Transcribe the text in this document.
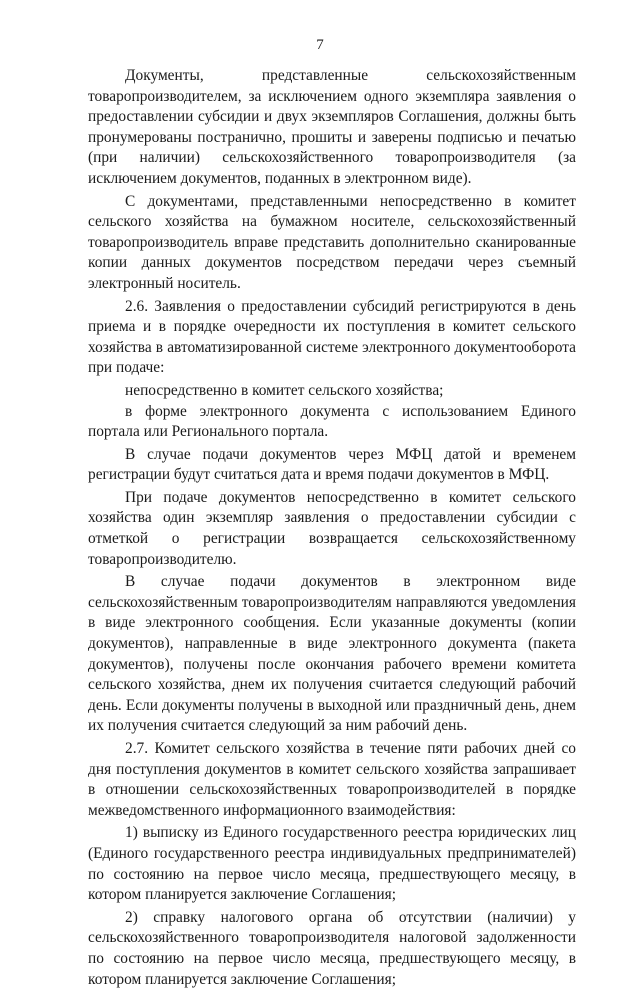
7

Документы, представленные сельскохозяйственным товаропроизводителем, за исключением одного экземпляра заявления о предоставлении субсидии и двух экземпляров Соглашения, должны быть пронумерованы постранично, прошиты и заверены подписью и печатью (при наличии) сельскохозяйственного товаропроизводителя (за исключением документов, поданных в электронном виде).

С документами, представленными непосредственно в комитет сельского хозяйства на бумажном носителе, сельскохозяйственный товаропроизводитель вправе представить дополнительно сканированные копии данных документов посредством передачи через съемный электронный носитель.

2.6. Заявления о предоставлении субсидий регистрируются в день приема и в порядке очередности их поступления в комитет сельского хозяйства в автоматизированной системе электронного документооборота при подаче:

непосредственно в комитет сельского хозяйства;

в форме электронного документа с использованием Единого портала или Регионального портала.

В случае подачи документов через МФЦ датой и временем регистрации будут считаться дата и время подачи документов в МФЦ.

При подаче документов непосредственно в комитет сельского хозяйства один экземпляр заявления о предоставлении субсидии с отметкой о регистрации возвращается сельскохозяйственному товаропроизводителю.

В случае подачи документов в электронном виде сельскохозяйственным товаропроизводителям направляются уведомления в виде электронного сообщения. Если указанные документы (копии документов), направленные в виде электронного документа (пакета документов), получены после окончания рабочего времени комитета сельского хозяйства, днем их получения считается следующий рабочий день. Если документы получены в выходной или праздничный день, днем их получения считается следующий за ним рабочий день.

2.7. Комитет сельского хозяйства в течение пяти рабочих дней со дня поступления документов в комитет сельского хозяйства запрашивает в отношении сельскохозяйственных товаропроизводителей в порядке межведомственного информационного взаимодействия:

1) выписку из Единого государственного реестра юридических лиц (Единого государственного реестра индивидуальных предпринимателей) по состоянию на первое число месяца, предшествующего месяцу, в котором планируется заключение Соглашения;

2) справку налогового органа об отсутствии (наличии) у сельскохозяйственного товаропроизводителя налоговой задолженности по состоянию на первое число месяца, предшествующего месяцу, в котором планируется заключение Соглашения;
